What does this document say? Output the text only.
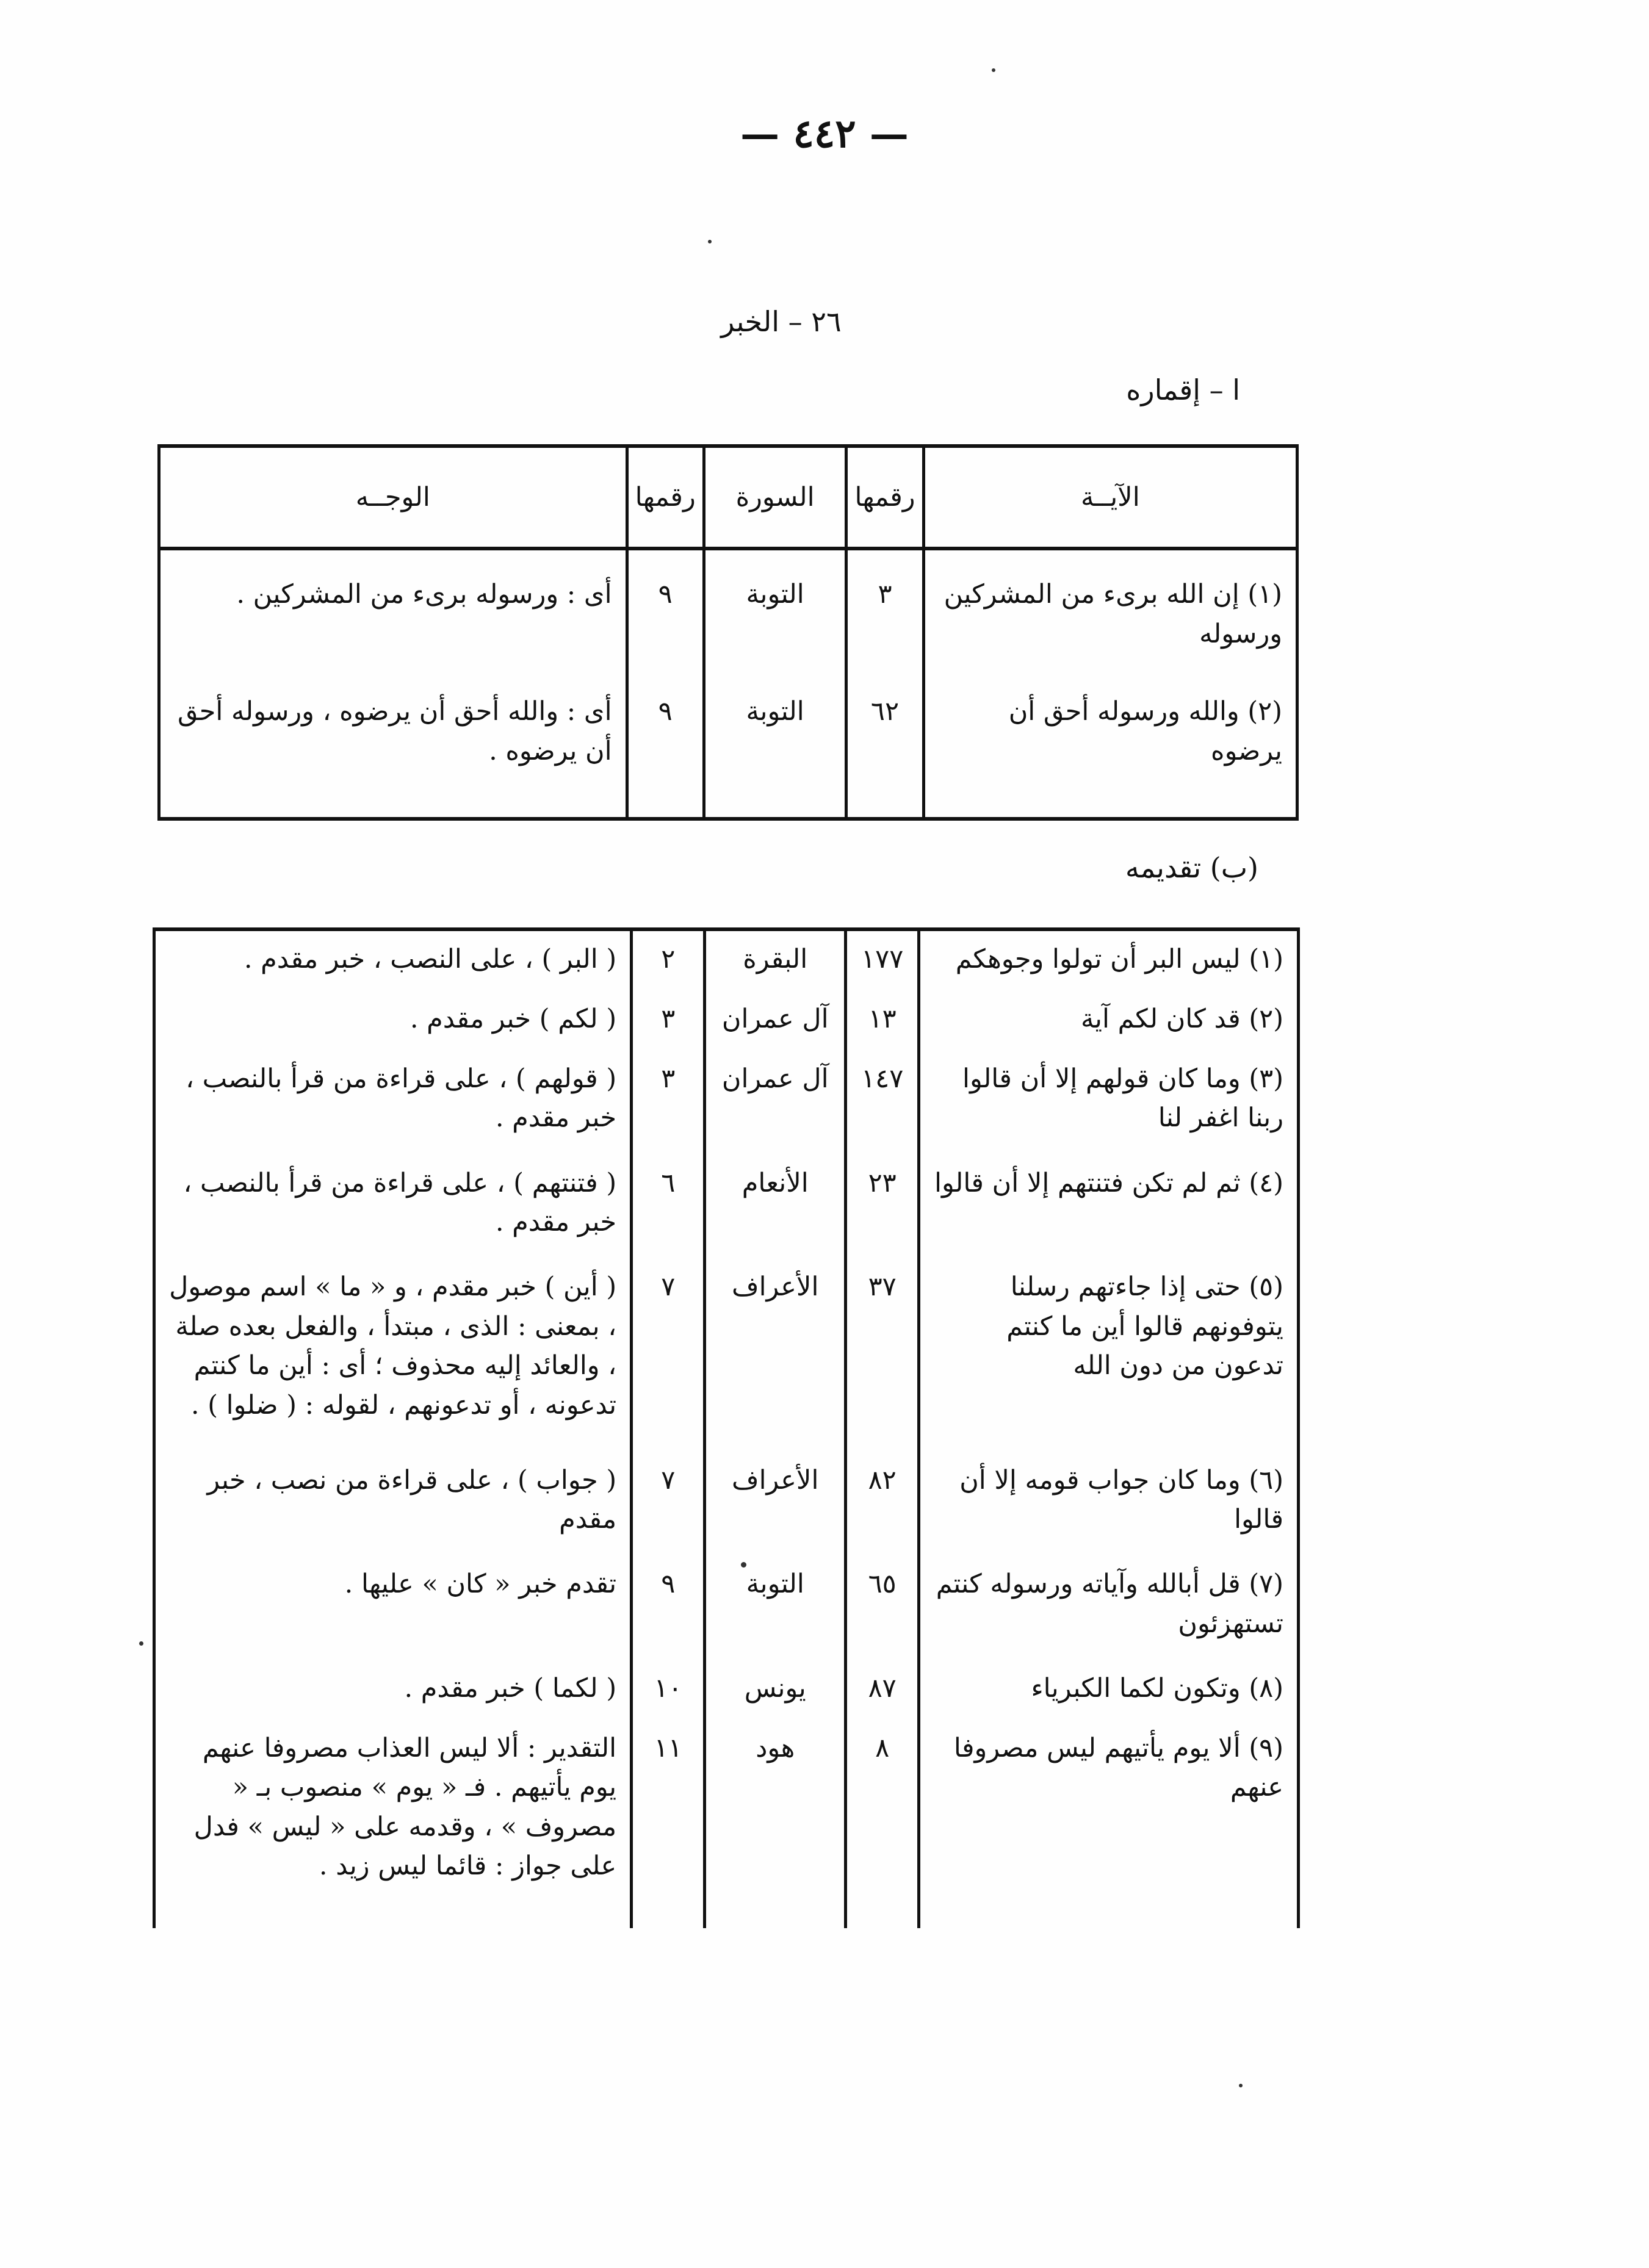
— ٤٤٢ —
٢٦ – الخبر
ا – إقماره
الآيــة	رقمها	السورة	رقمها	الوجــه
(١) إن الله برىء من المشركين ورسوله	٣	التوبة	٩	أى : ورسوله برىء من المشركين .
(٢) والله ورسوله أحق أن يرضوه	٦٢	التوبة	٩	أى : والله أحق أن يرضوه ، ورسوله أحق أن يرضوه .

(ب) تقديمه
(١) ليس البر أن تولوا وجوهكم	١٧٧	البقرة	٢	( البر ) ، على النصب ، خبر مقدم .
(٢) قد كان لكم آية	١٣	آل عمران	٣	( لكم ) خبر مقدم .
(٣) وما كان قولهم إلا أن قالوا ربنا اغفر لنا	١٤٧	آل عمران	٣	( قولهم ) ، على قراءة من قرأ بالنصب ، خبر مقدم .
(٤) ثم لم تكن فتنتهم إلا أن قالوا	٢٣	الأنعام	٦	( فتنتهم ) ، على قراءة من قرأ بالنصب ، خبر مقدم .
(٥) حتى إذا جاءتهم رسلنا يتوفونهم قالوا أين ما كنتم تدعون من دون الله	٣٧	الأعراف	٧	( أين ) خبر مقدم ، و « ما » اسم موصول ، بمعنى : الذى ، مبتدأ ، والفعل بعده صلة ، والعائد إليه محذوف ؛ أى : أين ما كنتم تدعونه ، أو تدعونهم ، لقوله : ( ضلوا ) .
(٦) وما كان جواب قومه إلا أن قالوا	٨٢	الأعراف	٧	( جواب ) ، على قراءة من نصب ، خبر مقدم
(٧) قل أبالله وآياته ورسوله كنتم تستهزئون	٦٥	التوبة	٩	تقدم خبر « كان » عليها .
(٨) وتكون لكما الكبرياء	٨٧	يونس	١٠	( لكما ) خبر مقدم .
(٩) ألا يوم يأتيهم ليس مصروفا عنهم	٨	هود	١١	التقدير : ألا ليس العذاب مصروفا عنهم يوم يأتيهم . فـ « يوم » منصوب بـ « مصروف » ، وقدمه على « ليس » فدل على جواز : قائما ليس زيد .
